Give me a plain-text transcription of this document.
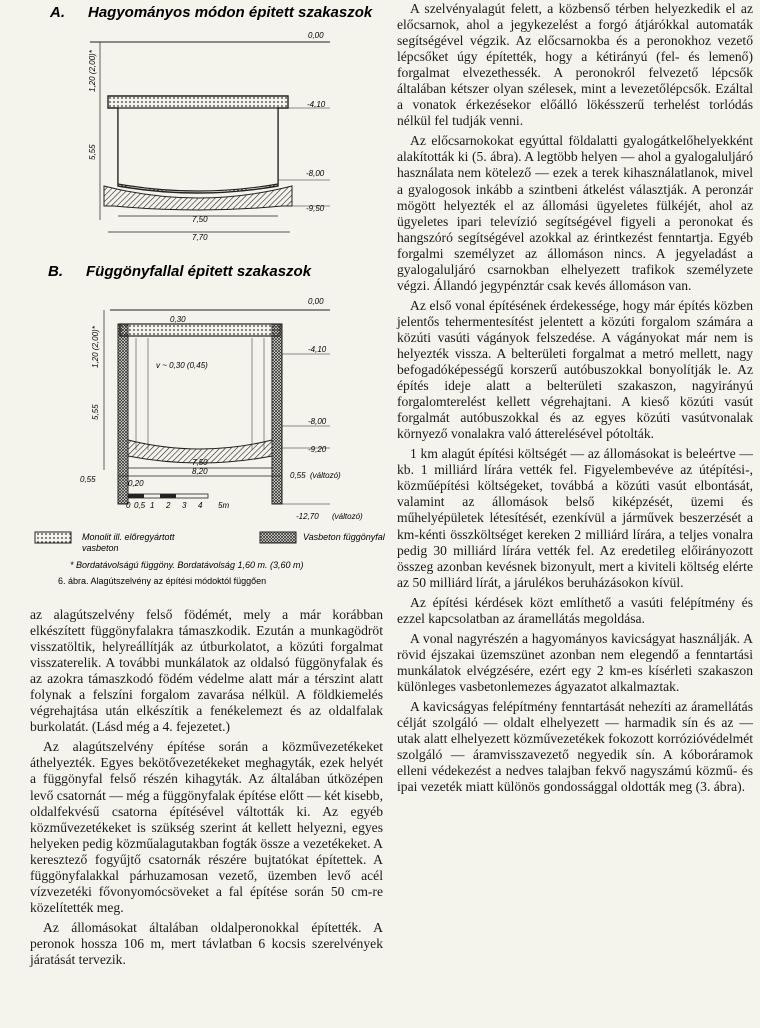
A. Hagyományos módon épitett szakaszok
0,00
1,20 (2,00)*
5,55
-4,10
-8,00
-9,50
7,50
7,70
B. Függönyfallal épitett szakaszok
0,00
0,30
1,20 (2,00)*
5,55
v ~ 0,30 (0,45)
-4,10
-8,00
-9,20
7,50
8,20
0,55	0,20
0,55 (változó)
-12,70 (változó)
0 0,5 1 2 3 4 5m
Monolit ill. előregyártott
vasbeton
Vasbeton függönyfal
* Bordatávolságú függöny. Bordatávolság 1,60 m. (3,60 m)
6. ábra. Alagútszelvény az építési módoktól függően

az alagútszelvény felső födémét, mely a már korábban elkészített függönyfalakra támaszkodik. Ezután a munkagödröt visszatöltik, helyreállítják az útburkolatot, a közúti forgalmat visszaterelik. A további munkálatok az oldalsó függönyfalak és az azokra támaszkodó födém védelme alatt már a térszint alatt folynak a felszíni forgalom zavarása nélkül. A földkiemelés végrehajtása után elkészítik a fenékelemezt és az oldalfalak burkolatát. (Lásd még a 4. fejezetet.)

Az alagútszelvény építése során a közművezetékeket áthelyezték. Egyes bekötővezetékeket meghagyták, ezek helyét a függönyfal felső részén kihagyták. Az általában útközépen levő csatornát — még a függönyfalak építése előtt — két kisebb, oldalfekvésű csatorna építésével váltották ki. Az egyéb közművezetékeket is szükség szerint át kellett helyezni, egyes helyeken pedig közműalagutakban fogták össze a vezetékeket. A keresztező fogyűjtő csatornák részére bujtatókat építettek. A függönyfalakkal párhuzamosan vezető, üzemben levő acél vízvezetéki fővonyomócsöveket a fal építése során 50 cm-re közelítették meg.

Az állomásokat általában oldalperonokkal építették. A peronok hossza 106 m, mert távlatban 6 kocsis szerelvények járatását tervezik.

A szelvényalagút felett, a közbenső térben helyezkedik el az előcsarnok, ahol a jegykezelést a forgó átjárókkal automaták segítségével végzik. Az előcsarnokba és a peronokhoz vezető lépcsőket úgy építették, hogy a kétirányú (fel- és lemenő) forgalmat elvezethessék. A peronokról felvezető lépcsők általában kétszer olyan szélesek, mint a levezetőlépcsők. Ezáltal a vonatok érkezésekor előálló lökésszerű terhelést torlódás nélkül fel tudják venni.

Az előcsarnokokat egyúttal földalatti gyalogátkelőhelyekként alakították ki (5. ábra). A legtöbb helyen — ahol a gyalogaluljáró használata nem kötelező — ezek a terek kihasználatlanok, mivel a gyalogosok inkább a szintbeni átkelést választják. A peronzár mögött helyezték el az állomási ügyeletes fülkéjét, ahol az ügyeletes ipari televízió segítségével figyeli a peronokat és hangszóró segítségével azokkal az érintkezést fenntartja. Egyéb forgalmi személyzet az állomáson nincs. A jegyeladást a gyalogaluljáró csarnokban elhelyezett trafikok személyzete végzi. Állandó jegypénztár csak kevés állomáson van.

Az első vonal építésének érdekessége, hogy már építés közben jelentős tehermentesítést jelentett a közúti forgalom számára a közúti vasúti vágányok felszedése. A vágányokat már nem is helyezték vissza. A belterületi forgalmat a metró mellett, nagy befogadóképességű korszerű autóbuszokkal bonyolítják le. Az építés ideje alatt a belterületi szakaszon, nagyirányú forgalomterelést kellett végrehajtani. A kieső közúti vasút forgalmát autóbuszokkal és az egyes közúti vasútvonalak környező vonalakra való átterelésével pótolták.

1 km alagút építési költségét — az állomásokat is beleértve — kb. 1 milliárd lírára vették fel. Figyelembevéve az útépítési-, közműépítési költségeket, továbbá a közúti vasút elbontását, valamint az állomások belső kiképzését, üzemi és műhelyépületek létesítését, ezenkívül a járművek beszerzését a km-kénti összköltséget kereken 2 milliárd lírára, a teljes vonalra pedig 30 milliárd lírára vették fel. Az eredetileg előirányozott összeg azonban kevésnek bizonyult, mert a kiviteli költség elérte az 50 milliárd lírát, a járulékos beruházásokon kívül.

Az építési kérdések közt említhető a vasúti felépítmény és ezzel kapcsolatban az áramellátás megoldása.

A vonal nagyrészén a hagyományos kavicságyat használják. A rövid éjszakai üzemszünet azonban nem elegendő a fenntartási munkálatok elvégzésére, ezért egy 2 km-es kísérleti szakaszon különleges vasbetonlemezes ágyazatot alkalmaztak.

A kavicságyas felépítmény fenntartását nehezíti az áramellátás célját szolgáló — oldalt elhelyezett — harmadik sín és az — utak alatt elhelyezett közművezetékek fokozott korrózióvédelmét szolgáló — áramvisszavezető negyedik sín. A kóboráramok elleni védekezést a nedves talajban fekvő nagyszámú közmű- és ipai vezeték miatt különös gondossággal oldották meg (3. ábra).
